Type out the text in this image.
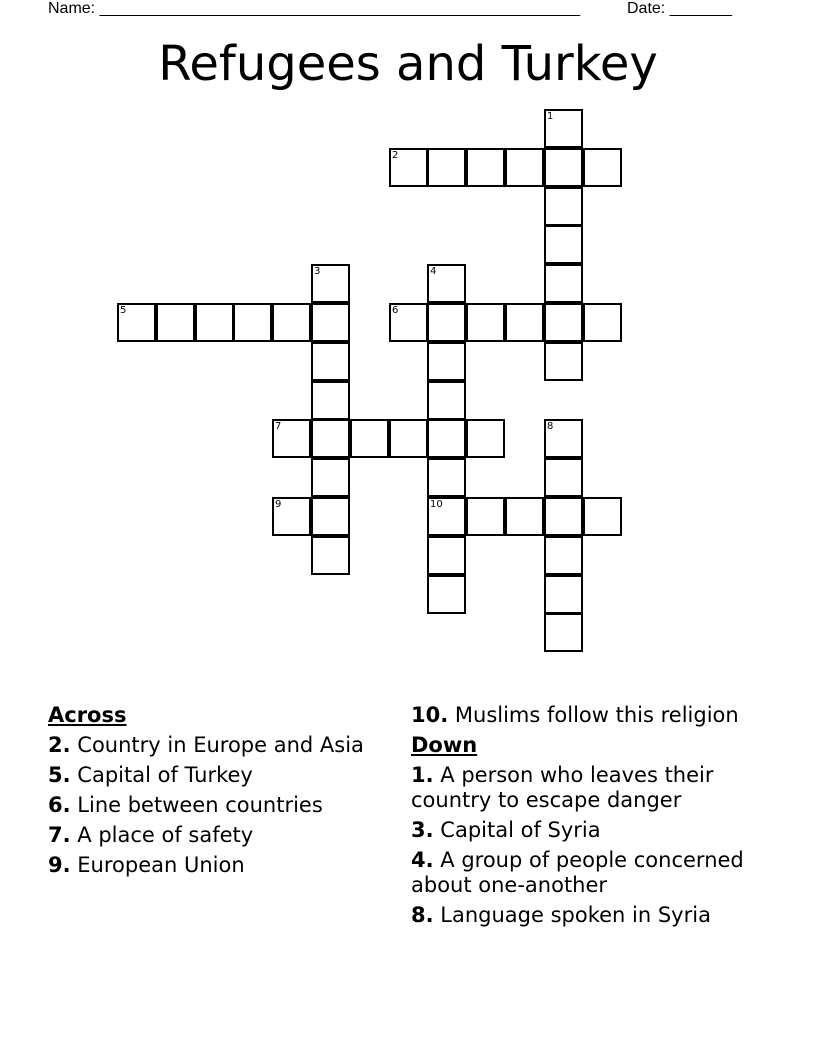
Name: ______________________________________________________	Date: _______
Refugees and Turkey
1
2
3	4
10
5	6
7	8
9
Across
2. Country in Europe and Asia
5. Capital of Turkey
6. Line between countries
7. A place of safety
9. European Union
10. Muslims follow this religion
Down
1. A person who leaves their country to escape danger
3. Capital of Syria
4. A group of people concerned about one-another
8. Language spoken in Syria
